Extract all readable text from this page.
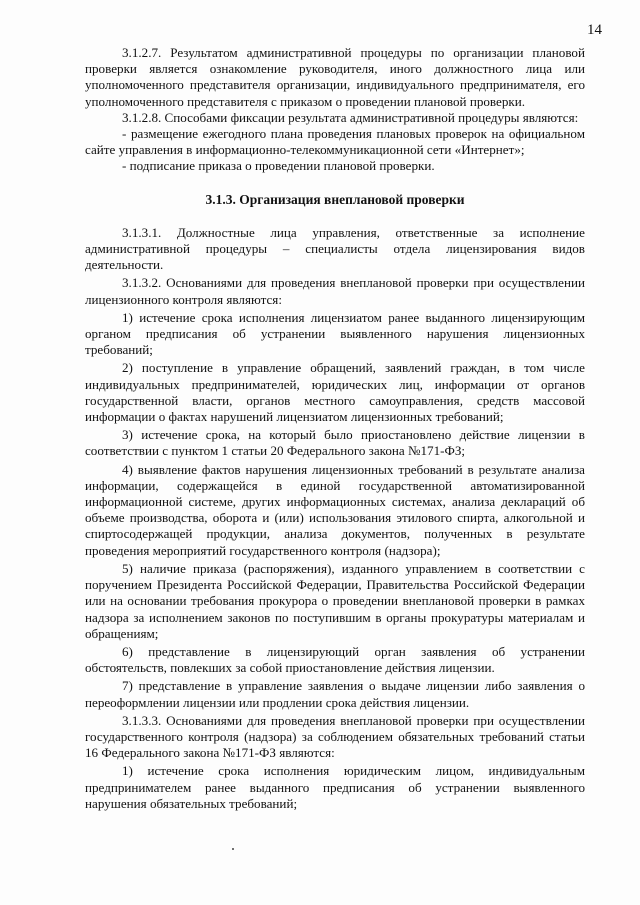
14

3.1.2.7. Результатом административной процедуры по организации плановой проверки является ознакомление руководителя, иного должностного лица или уполномоченного представителя организации, индивидуального предпринимателя, его уполномоченного представителя с приказом о проведении плановой проверки.

3.1.2.8. Способами фиксации результата административной процедуры являются:

- размещение ежегодного плана проведения плановых проверок на официальном сайте управления в информационно-телекоммуникационной сети «Интернет»;

- подписание приказа о проведении плановой проверки.

3.1.3. Организация внеплановой проверки

3.1.3.1. Должностные лица управления, ответственные за исполнение административной процедуры – специалисты отдела лицензирования видов деятельности.

3.1.3.2. Основаниями для проведения внеплановой проверки при осуществлении лицензионного контроля являются:

1) истечение срока исполнения лицензиатом ранее выданного лицензирующим органом предписания об устранении выявленного нарушения лицензионных требований;

2) поступление в управление обращений, заявлений граждан, в том числе индивидуальных предпринимателей, юридических лиц, информации от органов государственной власти, органов местного самоуправления, средств массовой информации о фактах нарушений лицензиатом лицензионных требований;

3) истечение срока, на который было приостановлено действие лицензии в соответствии с пунктом 1 статьи 20 Федерального закона №171-ФЗ;

4) выявление фактов нарушения лицензионных требований в результате анализа информации, содержащейся в единой государственной автоматизированной информационной системе, других информационных системах, анализа деклараций об объеме производства, оборота и (или) использования этилового спирта, алкогольной и спиртосодержащей продукции, анализа документов, полученных в результате проведения мероприятий государственного контроля (надзора);

5) наличие приказа (распоряжения), изданного управлением в соответствии с поручением Президента Российской Федерации, Правительства Российской Федерации или на основании требования прокурора о проведении внеплановой проверки в рамках надзора за исполнением законов по поступившим в органы прокуратуры материалам и обращениям;

6) представление в лицензирующий орган заявления об устранении обстоятельств, повлекших за собой приостановление действия лицензии.

7) представление в управление заявления о выдаче лицензии либо заявления о переоформлении лицензии или продлении срока действия лицензии.

3.1.3.3. Основаниями для проведения внеплановой проверки при осуществлении государственного контроля (надзора) за соблюдением обязательных требований статьи 16 Федерального закона №171-ФЗ являются:

1) истечение срока исполнения юридическим лицом, индивидуальным предпринимателем ранее выданного предписания об устранении выявленного нарушения обязательных требований;
